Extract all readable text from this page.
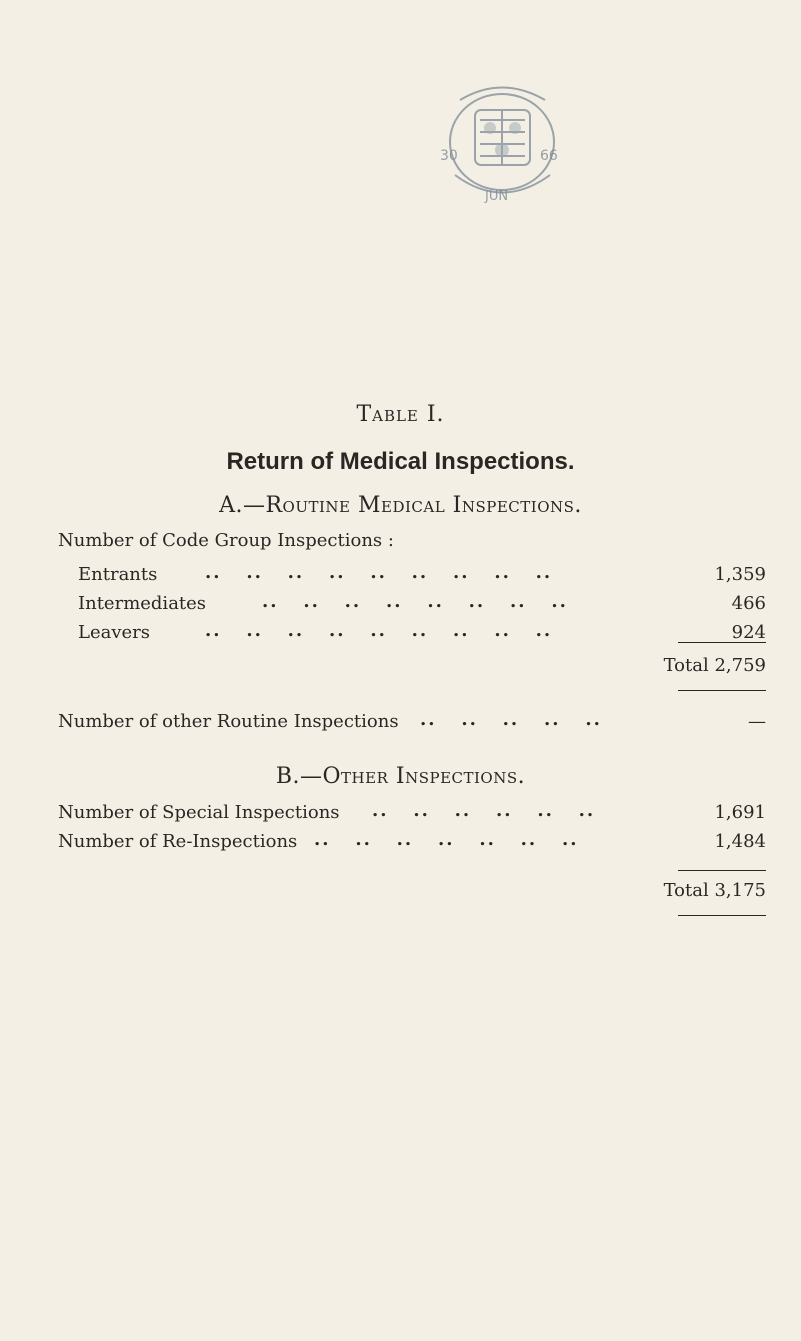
30	66
JUN
Table I.
Return of Medical Inspections.
A.—Routine Medical Inspections.
Number of Code Group Inspections :
Entrants	..   ..   ..   ..   ..   ..   ..   ..   ..	1,359
Intermediates	..   ..   ..   ..   ..   ..   ..   ..	466
Leavers	..   ..   ..   ..   ..   ..   ..   ..   ..	924
Total 2,759
Number of other Routine Inspections ..   ..   ..   ..   ..	—
B.—Other Inspections.
Number of Special Inspections ..   ..   ..   ..   ..   ..	1,691
Number of Re-Inspections ..   ..   ..   ..   ..   ..   ..	1,484
Total 3,175
